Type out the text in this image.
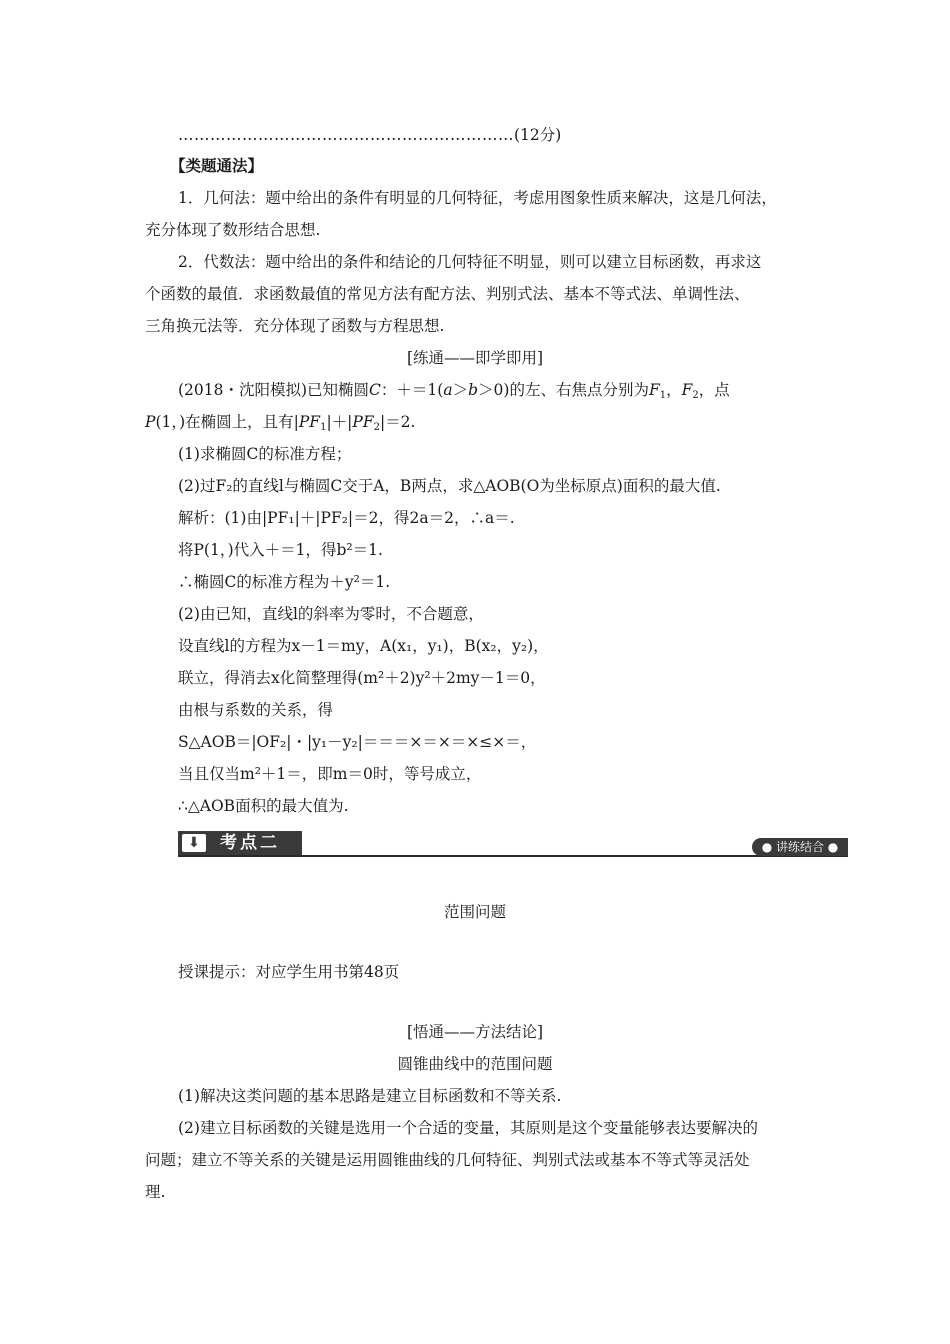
………………………………………………………(12分)
【类题通法】
1．几何法：题中给出的条件有明显的几何特征，考虑用图象性质来解决，这是几何法，
充分体现了数形结合思想.
2．代数法：题中给出的条件和结论的几何特征不明显，则可以建立目标函数，再求这
个函数的最值．求函数最值的常见方法有配方法、判别式法、基本不等式法、单调性法、
三角换元法等．充分体现了函数与方程思想.
[练通——即学即用]
(2018・沈阳模拟)已知椭圆C：＋＝1(a＞b＞0)的左、右焦点分别为$F_1$，$F_2$，点
P(1，)在椭圆上，且有$|PF_1|+|PF_2|=2$.
(1)求椭圆C的标准方程；
(2)过F₂的直线l与椭圆C交于A，B两点，求△AOB(O为坐标原点)面积的最大值.
解析：(1)由|PF₁|＋|PF₂|＝2，得2a＝2，∴a＝.
将P(1，)代入＋＝1，得b²＝1.
∴椭圆C的标准方程为＋y²＝1.
(2)由已知，直线l的斜率为零时，不合题意，
设直线l的方程为x－1＝my，A(x₁，y₁)，B(x₂，y₂)，
联立，得消去x化简整理得(m²＋2)y²＋2my－1＝0，
由根与系数的关系，得
S△AOB＝|OF₂|・|y₁－y₂|＝＝＝×＝×＝×≤×＝，
当且仅当m²＋1＝，即m＝0时，等号成立，
∴△AOB面积的最大值为.
⬇	考点二	● 讲练结合 ●
范围问题
授课提示：对应学生用书第48页
[悟通——方法结论]
圆锥曲线中的范围问题
(1)解决这类问题的基本思路是建立目标函数和不等关系.
(2)建立目标函数的关键是选用一个合适的变量，其原则是这个变量能够表达要解决的
问题；建立不等关系的关键是运用圆锥曲线的几何特征、判别式法或基本不等式等灵活处
理.
